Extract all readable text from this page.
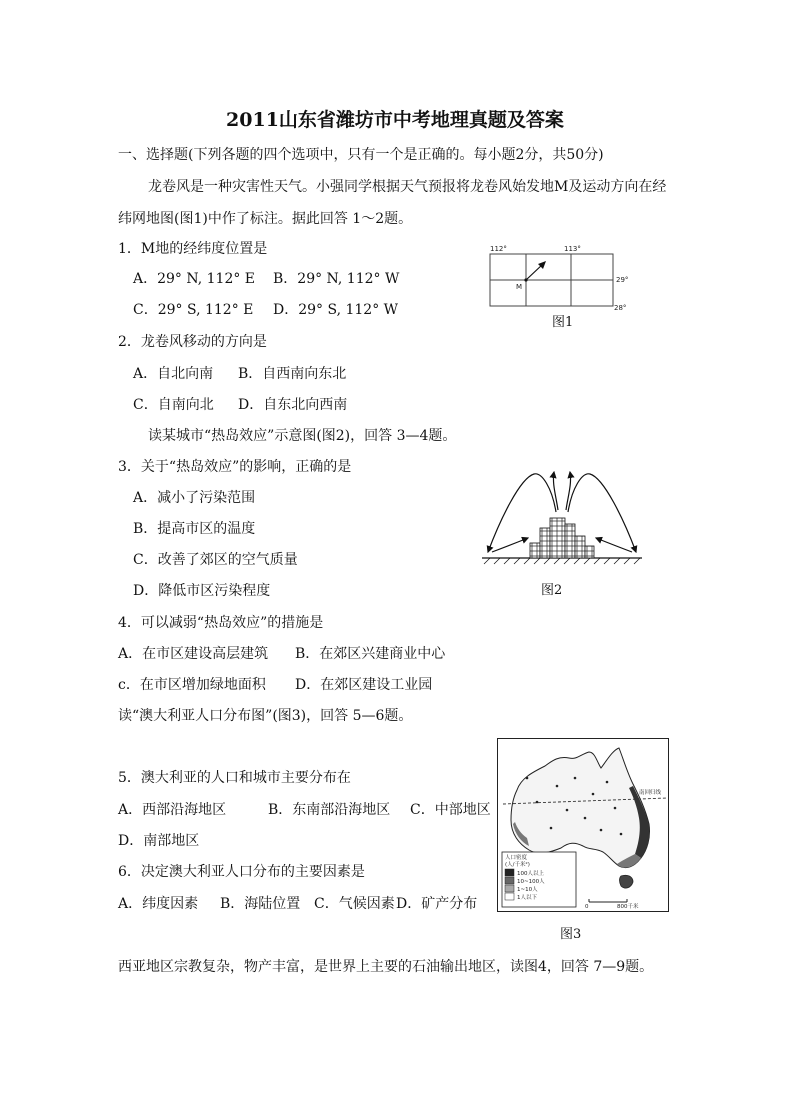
2011山东省潍坊市中考地理真题及答案
一、选择题(下列各题的四个选项中，只有一个是正确的。每小题2分，共50分)
龙卷风是一种灾害性天气。小强同学根据天气预报将龙卷风始发地M及运动方向在经
纬网地图(图1)中作了标注。据此回答 1～2题。
1．M地的经纬度位置是
A．29° N, 112° E B．29° N, 112° W
C．29° S, 112° E D．29° S, 112° W
112°	113°
29°
28°
M
图1
2．龙卷风移动的方向是
A．自北向南 B．自西南向东北
C．自南向北 D．自东北向西南
读某城市“热岛效应”示意图(图2)，回答 3—4题。
3．关于“热岛效应”的影响，正确的是
A．减小了污染范围
B．提高市区的温度
C．改善了郊区的空气质量
D．降低市区污染程度	图2
4．可以减弱“热岛效应”的措施是
A．在市区建设高层建筑 B．在郊区兴建商业中心
c．在市区增加绿地面积 D．在郊区建设工业园
读“澳大利亚人口分布图”(图3)，回答 5—6题。
5．澳大利亚的人口和城市主要分布在
A．西部沿海地区	B．东南部沿海地区 C．中部地区
D．南部地区
6．决定澳大利亚人口分布的主要因素是
A．纬度因素 B．海陆位置 C．气候因素 D．矿产分布
南回归线
人口密度
(人/千米²)
100人以上
10~100人
1~10人
1人以下
0	800千米
图3
西亚地区宗教复杂，物产丰富，是世界上主要的石油输出地区，读图4，回答 7—9题。
